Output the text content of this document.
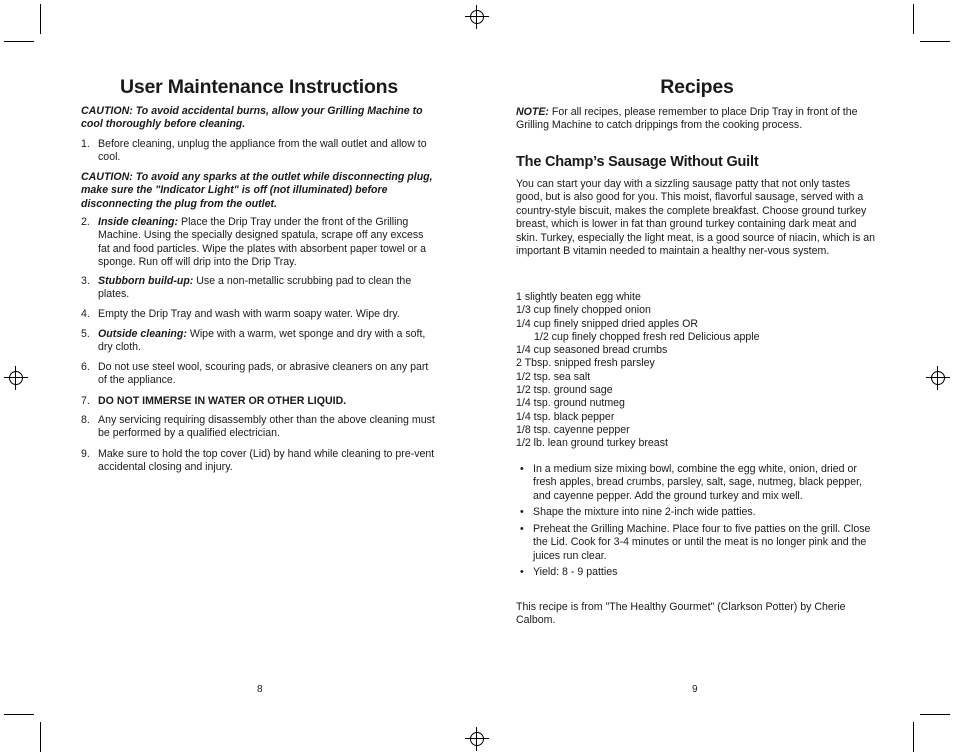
User Maintenance Instructions

CAUTION: To avoid accidental burns, allow your Grilling Machine to cool thoroughly before cleaning.

1. Before cleaning, unplug the appliance from the wall outlet and allow to cool.

CAUTION: To avoid any sparks at the outlet while disconnecting plug, make sure the "Indicator Light" is off (not illuminated) before disconnecting the plug from the outlet.

2. Inside cleaning: Place the Drip Tray under the front of the Grilling Machine. Using the specially designed spatula, scrape off any excess fat and food particles. Wipe the plates with absorbent paper towel or a sponge. Run off will drip into the Drip Tray.
3. Stubborn build-up: Use a non-metallic scrubbing pad to clean the plates.
4. Empty the Drip Tray and wash with warm soapy water. Wipe dry.
5. Outside cleaning: Wipe with a warm, wet sponge and dry with a soft, dry cloth.
6. Do not use steel wool, scouring pads, or abrasive cleaners on any part of the appliance.
7. DO NOT IMMERSE IN WATER OR OTHER LIQUID.
8. Any servicing requiring disassembly other than the above cleaning must be performed by a qualified electrician.
9. Make sure to hold the top cover (Lid) by hand while cleaning to pre-vent accidental closing and injury.
8
Recipes

NOTE: For all recipes, please remember to place Drip Tray in front of the Grilling Machine to catch drippings from the cooking process.

The Champ’s Sausage Without Guilt

You can start your day with a sizzling sausage patty that not only tastes good, but is also good for you. This moist, flavorful sausage, served with a country-style biscuit, makes the complete breakfast. Choose ground turkey breast, which is lower in fat than ground turkey containing dark meat and skin. Turkey, especially the light meat, is a good source of niacin, which is an important B vitamin needed to maintain a healthy ner-vous system.

1 slightly beaten egg white
1/3 cup finely chopped onion
1/4 cup finely snipped dried apples OR
1/2 cup finely chopped fresh red Delicious apple
1/4 cup seasoned bread crumbs
2 Tbsp. snipped fresh parsley
1/2 tsp. sea salt
1/2 tsp. ground sage
1/4 tsp. ground nutmeg
1/4 tsp. black pepper
1/8 tsp. cayenne pepper
1/2 lb. lean ground turkey breast
• In a medium size mixing bowl, combine the egg white, onion, dried or fresh apples, bread crumbs, parsley, salt, sage, nutmeg, black pepper, and cayenne pepper. Add the ground turkey and mix well.
• Shape the mixture into nine 2-inch wide patties.
• Preheat the Grilling Machine. Place four to five patties on the grill. Close the Lid. Cook for 3-4 minutes or until the meat is no longer pink and the juices run clear.
• Yield: 8 - 9 patties

This recipe is from "The Healthy Gourmet" (Clarkson Potter) by Cherie Calbom.

9
